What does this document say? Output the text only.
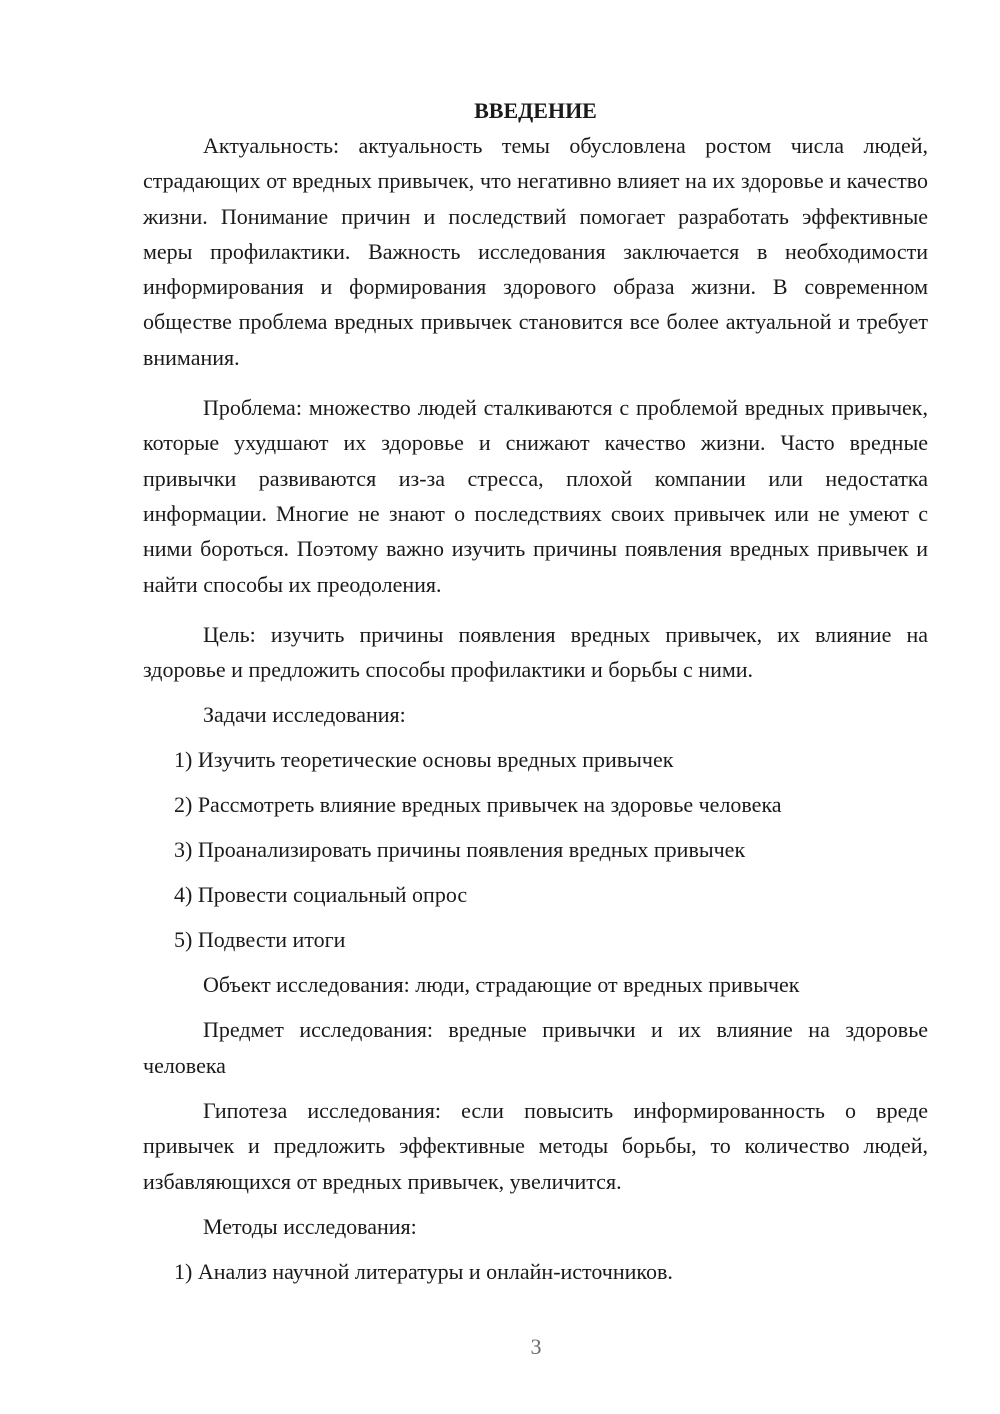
ВВЕДЕНИЕ

Актуальность: актуальность темы обусловлена ростом числа людей, страдающих от вредных привычек, что негативно влияет на их здоровье и качество жизни. Понимание причин и последствий помогает разработать эффективные меры профилактики. Важность исследования заключается в необходимости информирования и формирования здорового образа жизни. В современном обществе проблема вредных привычек становится все более актуальной и требует внимания.

Проблема: множество людей сталкиваются с проблемой вредных привычек, которые ухудшают их здоровье и снижают качество жизни. Часто вредные привычки развиваются из-за стресса, плохой компании или недостатка информации. Многие не знают о последствиях своих привычек или не умеют с ними бороться. Поэтому важно изучить причины появления вредных привычек и найти способы их преодоления.

Цель: изучить причины появления вредных привычек, их влияние на здоровье и предложить способы профилактики и борьбы с ними.

Задачи исследования:

1) Изучить теоретические основы вредных привычек

2) Рассмотреть влияние вредных привычек на здоровье человека

3) Проанализировать причины появления вредных привычек

4) Провести социальный опрос

5) Подвести итоги

Объект исследования: люди, страдающие от вредных привычек

Предмет исследования: вредные привычки и их влияние на здоровье человека

Гипотеза исследования: если повысить информированность о вреде привычек и предложить эффективные методы борьбы, то количество людей, избавляющихся от вредных привычек, увеличится.

Методы исследования:

1) Анализ научной литературы и онлайн-источников.

3
